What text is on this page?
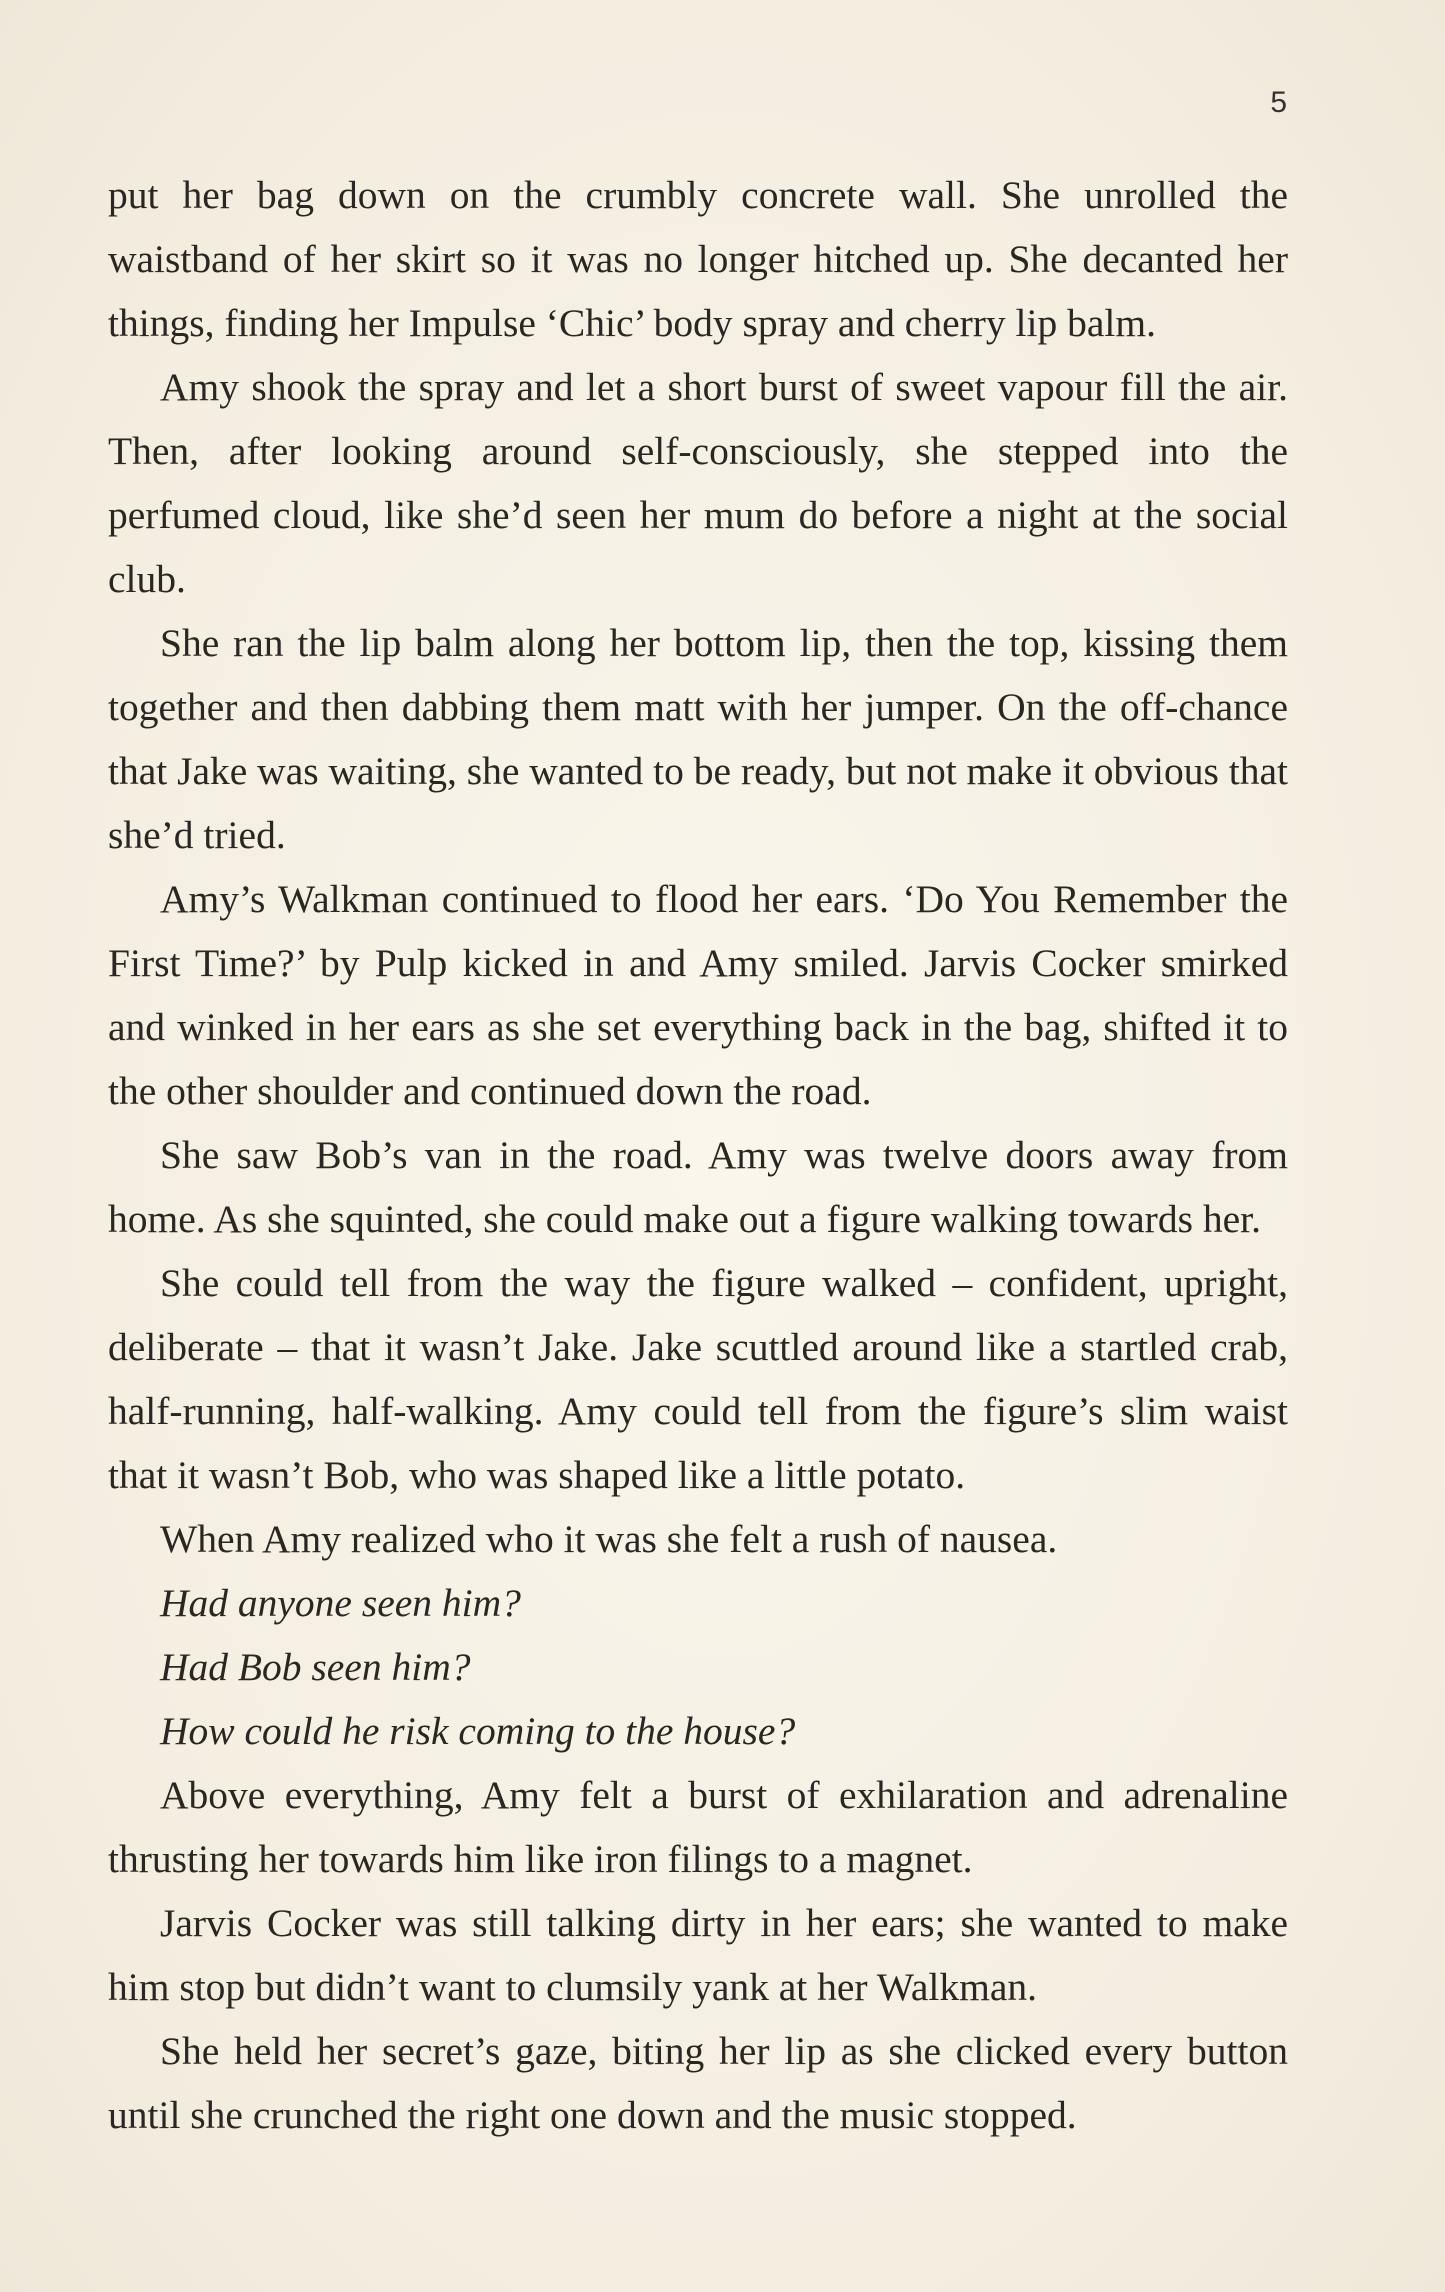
5

put her bag down on the crumbly concrete wall. She unrolled the waistband of her skirt so it was no longer hitched up. She decanted her things, finding her Impulse ‘Chic’ body spray and cherry lip balm.

Amy shook the spray and let a short burst of sweet vapour fill the air. Then, after looking around self-consciously, she stepped into the perfumed cloud, like she’d seen her mum do before a night at the social club.

She ran the lip balm along her bottom lip, then the top, kissing them together and then dabbing them matt with her jumper. On the off-chance that Jake was waiting, she wanted to be ready, but not make it obvious that she’d tried.

Amy’s Walkman continued to flood her ears. ‘Do You Remember the First Time?’ by Pulp kicked in and Amy smiled. Jarvis Cocker smirked and winked in her ears as she set everything back in the bag, shifted it to the other shoulder and continued down the road.

She saw Bob’s van in the road. Amy was twelve doors away from home. As she squinted, she could make out a figure walking towards her.

She could tell from the way the figure walked – confident, upright, deliberate – that it wasn’t Jake. Jake scuttled around like a startled crab, half-running, half-walking. Amy could tell from the figure’s slim waist that it wasn’t Bob, who was shaped like a little potato.

When Amy realized who it was she felt a rush of nausea.

Had anyone seen him?

Had Bob seen him?

How could he risk coming to the house?

Above everything, Amy felt a burst of exhilaration and adrenaline thrusting her towards him like iron filings to a magnet.

Jarvis Cocker was still talking dirty in her ears; she wanted to make him stop but didn’t want to clumsily yank at her Walkman.

She held her secret’s gaze, biting her lip as she clicked every button until she crunched the right one down and the music stopped.
